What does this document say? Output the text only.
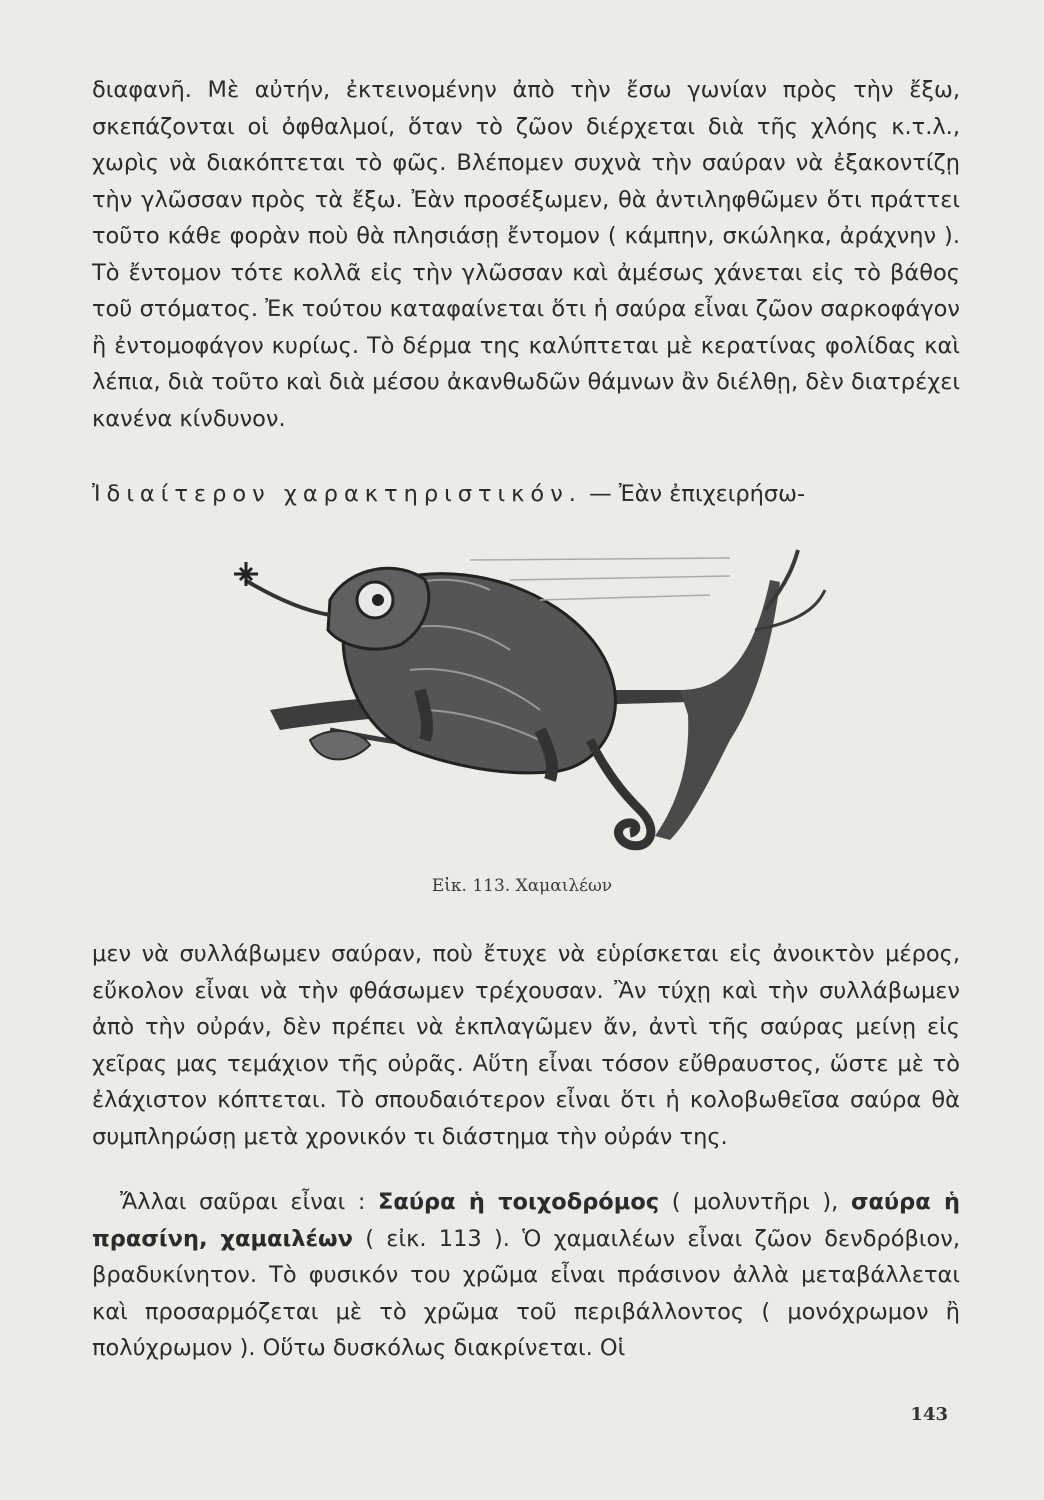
διαφανῆ. Μὲ αὐτήν, ἐκτεινομένην ἀπὸ τὴν ἔσω γωνίαν πρὸς τὴν ἔξω, σκεπάζονται οἱ ὀφθαλμοί, ὅταν τὸ ζῶον διέρχεται διὰ τῆς χλόης κ.τ.λ., χωρὶς νὰ διακόπτεται τὸ φῶς. Βλέπομεν συχνὰ τὴν σαύραν νὰ ἐξακοντίζῃ τὴν γλῶσσαν πρὸς τὰ ἔξω. Ἐὰν προσέξωμεν, θὰ ἀντιληφθῶμεν ὅτι πράττει τοῦτο κάθε φορὰν ποὺ θὰ πλησιάσῃ ἔντομον ( κάμπην, σκώληκα, ἀράχνην ). Τὸ ἔντομον τότε κολλᾶ εἰς τὴν γλῶσσαν καὶ ἀμέσως χάνεται εἰς τὸ βάθος τοῦ στόματος. Ἐκ τούτου καταφαίνεται ὅτι ἡ σαύρα εἶναι ζῶον σαρκοφάγον ἢ ἐντομοφάγον κυρίως. Τὸ δέρμα της καλύπτεται μὲ κερατίνας φολίδας καὶ λέπια, διὰ τοῦτο καὶ διὰ μέσου ἀκανθωδῶν θάμνων ἂν διέλθῃ, δὲν διατρέχει κανένα κίνδυνον.

Ἰδιαίτερον χαρακτηριστικόν. — Ἐὰν ἐπιχειρήσω-

Εἰκ. 113. Χαμαιλέων

μεν νὰ συλλάβωμεν σαύραν, ποὺ ἔτυχε νὰ εὑρίσκεται εἰς ἀνοικτὸν μέρος, εὔκολον εἶναι νὰ τὴν φθάσωμεν τρέχουσαν. Ἂν τύχῃ καὶ τὴν συλλάβωμεν ἀπὸ τὴν οὐράν, δὲν πρέπει νὰ ἐκπλαγῶμεν ἄν, ἀντὶ τῆς σαύρας μείνῃ εἰς χεῖρας μας τεμάχιον τῆς οὐρᾶς. Αὕτη εἶναι τόσον εὔθραυστος, ὥστε μὲ τὸ ἐλάχιστον κόπτεται. Τὸ σπουδαιότερον εἶναι ὅτι ἡ κολοβωθεῖσα σαύρα θὰ συμπληρώσῃ μετὰ χρονικόν τι διάστημα τὴν οὐράν της.

Ἄλλαι σαῦραι εἶναι : Σαύρα ἡ τοιχοδρόμος ( μολυντῆρι ), σαύρα ἡ πρασίνη, χαμαιλέων ( εἰκ. 113 ). Ὁ χαμαιλέων εἶναι ζῶον δενδρόβιον, βραδυκίνητον. Τὸ φυσικόν του χρῶμα εἶναι πράσινον ἀλλὰ μεταβάλλεται καὶ προσαρμόζεται μὲ τὸ χρῶμα τοῦ περιβάλλοντος ( μονόχρωμον ἢ πολύχρωμον ). Οὕτω δυσκόλως διακρίνεται. Οἱ

143
